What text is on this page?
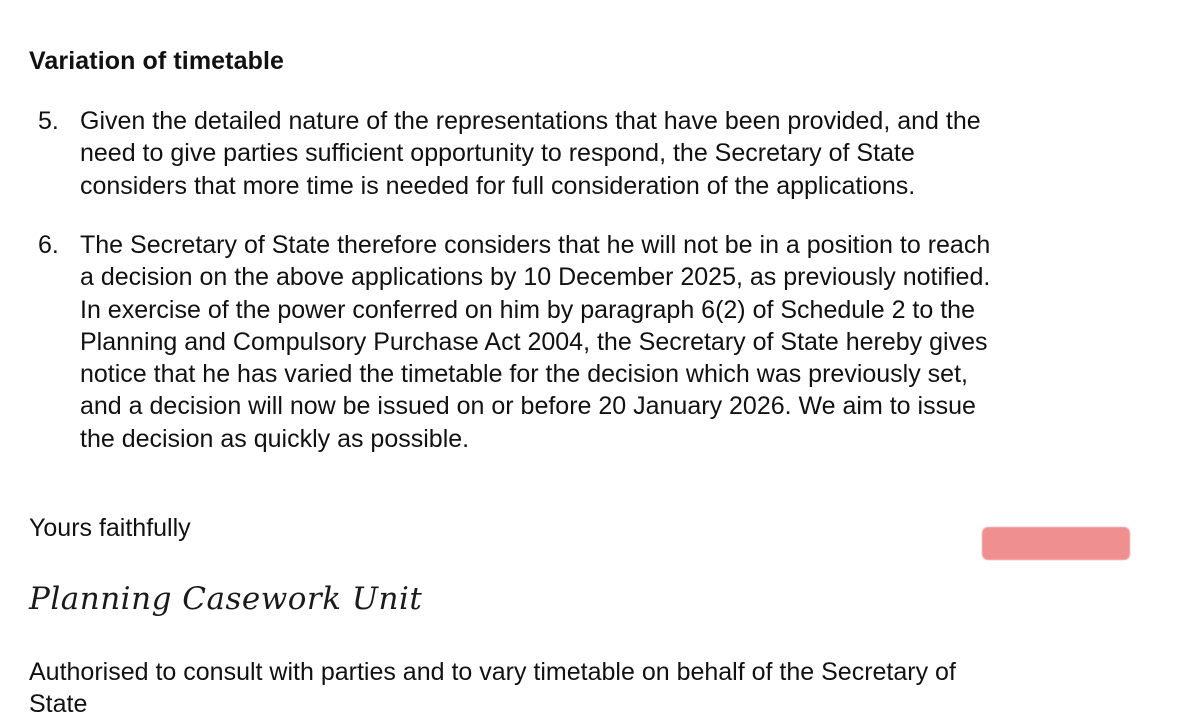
Variation of timetable
5. Given the detailed nature of the representations that have been provided, and the
need to give parties sufficient opportunity to respond, the Secretary of State
considers that more time is needed for full consideration of the applications.
6. The Secretary of State therefore considers that he will not be in a position to reach
a decision on the above applications by 10 December 2025, as previously notified.
In exercise of the power conferred on him by paragraph 6(2) of Schedule 2 to the
Planning and Compulsory Purchase Act 2004, the Secretary of State hereby gives
notice that he has varied the timetable for the decision which was previously set,
and a decision will now be issued on or before 20 January 2026. We aim to issue
the decision as quickly as possible.
Yours faithfully
Planning Casework Unit
Authorised to consult with parties and to vary timetable on behalf of the Secretary of
State
